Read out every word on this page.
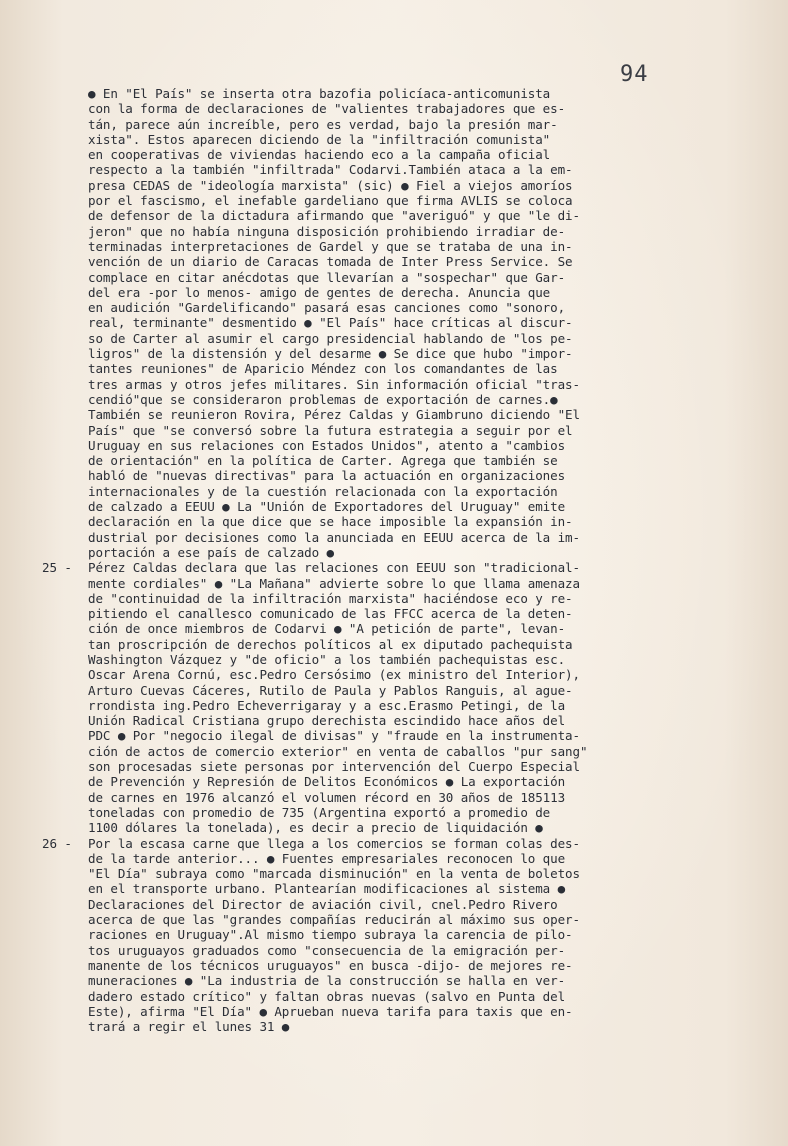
94
● En "El País" se inserta otra bazofia policíaca-anticomunista
con la forma de declaraciones de "valientes trabajadores que es-
tán, parece aún increíble, pero es verdad, bajo la presión mar-
xista". Estos aparecen diciendo de la "infiltración comunista"
en cooperativas de viviendas haciendo eco a la campaña oficial
respecto a la también "infiltrada" Codarvi.También ataca a la em-
presa CEDAS de "ideología marxista" (sic) ● Fiel a viejos amoríos
por el fascismo, el inefable gardeliano que firma AVLIS se coloca
de defensor de la dictadura afirmando que "averiguó" y que "le di-
jeron" que no había ninguna disposición prohibiendo irradiar de-
terminadas interpretaciones de Gardel y que se trataba de una in-
vención de un diario de Caracas tomada de Inter Press Service. Se
complace en citar anécdotas que llevarían a "sospechar" que Gar-
del era -por lo menos- amigo de gentes de derecha. Anuncia que
en audición "Gardelificando" pasará esas canciones como "sonoro,
real, terminante" desmentido ● "El País" hace críticas al discur-
so de Carter al asumir el cargo presidencial hablando de "los pe-
ligros" de la distensión y del desarme ● Se dice que hubo "impor-
tantes reuniones" de Aparicio Méndez con los comandantes de las
tres armas y otros jefes militares. Sin información oficial "tras-
cendió"que se consideraron problemas de exportación de carnes.●
También se reunieron Rovira, Pérez Caldas y Giambruno diciendo "El
País" que "se conversó sobre la futura estrategia a seguir por el
Uruguay en sus relaciones con Estados Unidos", atento a "cambios
de orientación" en la política de Carter. Agrega que también se
habló de "nuevas directivas" para la actuación en organizaciones
internacionales y de la cuestión relacionada con la exportación
de calzado a EEUU ● La "Unión de Exportadores del Uruguay" emite
declaración en la que dice que se hace imposible la expansión in-
dustrial por decisiones como la anunciada en EEUU acerca de la im-
portación a ese país de calzado ●
25 - Pérez Caldas declara que las relaciones con EEUU son "tradicional-
mente cordiales" ● "La Mañana" advierte sobre lo que llama amenaza
de "continuidad de la infiltración marxista" haciéndose eco y re-
pitiendo el canallesco comunicado de las FFCC acerca de la deten-
ción de once miembros de Codarvi ● "A petición de parte", levan-
tan proscripción de derechos políticos al ex diputado pachequista
Washington Vázquez y "de oficio" a los también pachequistas esc.
Oscar Arena Cornú, esc.Pedro Cersósimo (ex ministro del Interior),
Arturo Cuevas Cáceres, Rutilo de Paula y Pablos Ranguis, al ague-
rrondista ing.Pedro Echeverrigaray y a esc.Erasmo Petingi, de la
Unión Radical Cristiana grupo derechista escindido hace años del
PDC ● Por "negocio ilegal de divisas" y "fraude en la instrumenta-
ción de actos de comercio exterior" en venta de caballos "pur sang"
son procesadas siete personas por intervención del Cuerpo Especial
de Prevención y Represión de Delitos Económicos ● La exportación
de carnes en 1976 alcanzó el volumen récord en 30 años de 185113
toneladas con promedio de 735 (Argentina exportó a promedio de
1100 dólares la tonelada), es decir a precio de liquidación ●
26 - Por la escasa carne que llega a los comercios se forman colas des-
de la tarde anterior... ● Fuentes empresariales reconocen lo que
"El Día" subraya como "marcada disminución" en la venta de boletos
en el transporte urbano. Plantearían modificaciones al sistema ●
Declaraciones del Director de aviación civil, cnel.Pedro Rivero
acerca de que las "grandes compañías reducirán al máximo sus oper-
raciones en Uruguay".Al mismo tiempo subraya la carencia de pilo-
tos uruguayos graduados como "consecuencia de la emigración per-
manente de los técnicos uruguayos" en busca -dijo- de mejores re-
muneraciones ● "La industria de la construcción se halla en ver-
dadero estado crítico" y faltan obras nuevas (salvo en Punta del
Este), afirma "El Día" ● Aprueban nueva tarifa para taxis que en-
trará a regir el lunes 31 ●
